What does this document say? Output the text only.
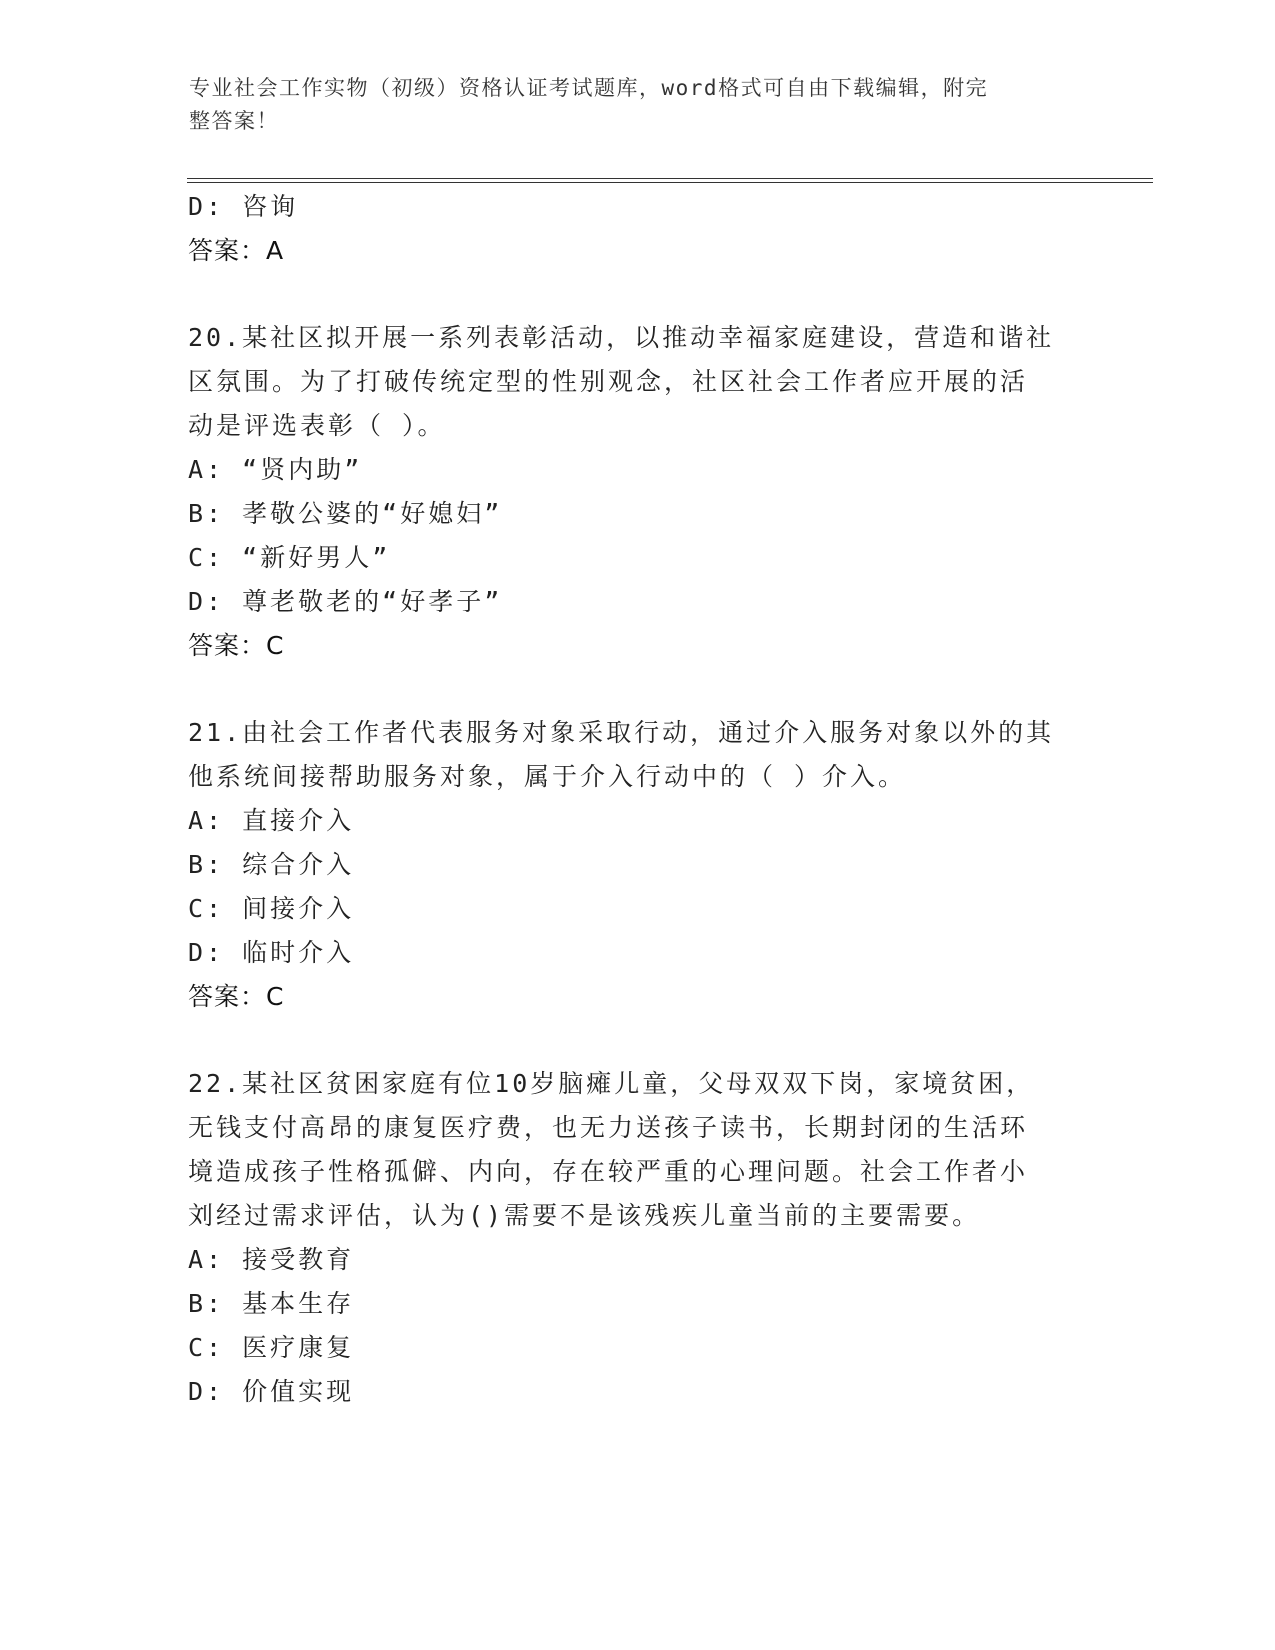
专业社会工作实物（初级）资格认证考试题库，word格式可自由下载编辑，附完
整答案！
D: 咨询
答案：A
20.某社区拟开展一系列表彰活动，以推动幸福家庭建设，营造和谐社
区氛围。为了打破传统定型的性别观念，社区社会工作者应开展的活
动是评选表彰（ ）。
A: “贤内助”
B: 孝敬公婆的“好媳妇”
C: “新好男人”
D: 尊老敬老的“好孝子”
答案：C
21.由社会工作者代表服务对象采取行动，通过介入服务对象以外的其
他系统间接帮助服务对象，属于介入行动中的（ ）介入。
A: 直接介入
B: 综合介入
C: 间接介入
D: 临时介入
答案：C
22.某社区贫困家庭有位10岁脑瘫儿童，父母双双下岗，家境贫困，
无钱支付高昂的康复医疗费，也无力送孩子读书，长期封闭的生活环
境造成孩子性格孤僻、内向，存在较严重的心理问题。社会工作者小
刘经过需求评估，认为()需要不是该残疾儿童当前的主要需要。
A: 接受教育
B: 基本生存
C: 医疗康复
D: 价值实现
